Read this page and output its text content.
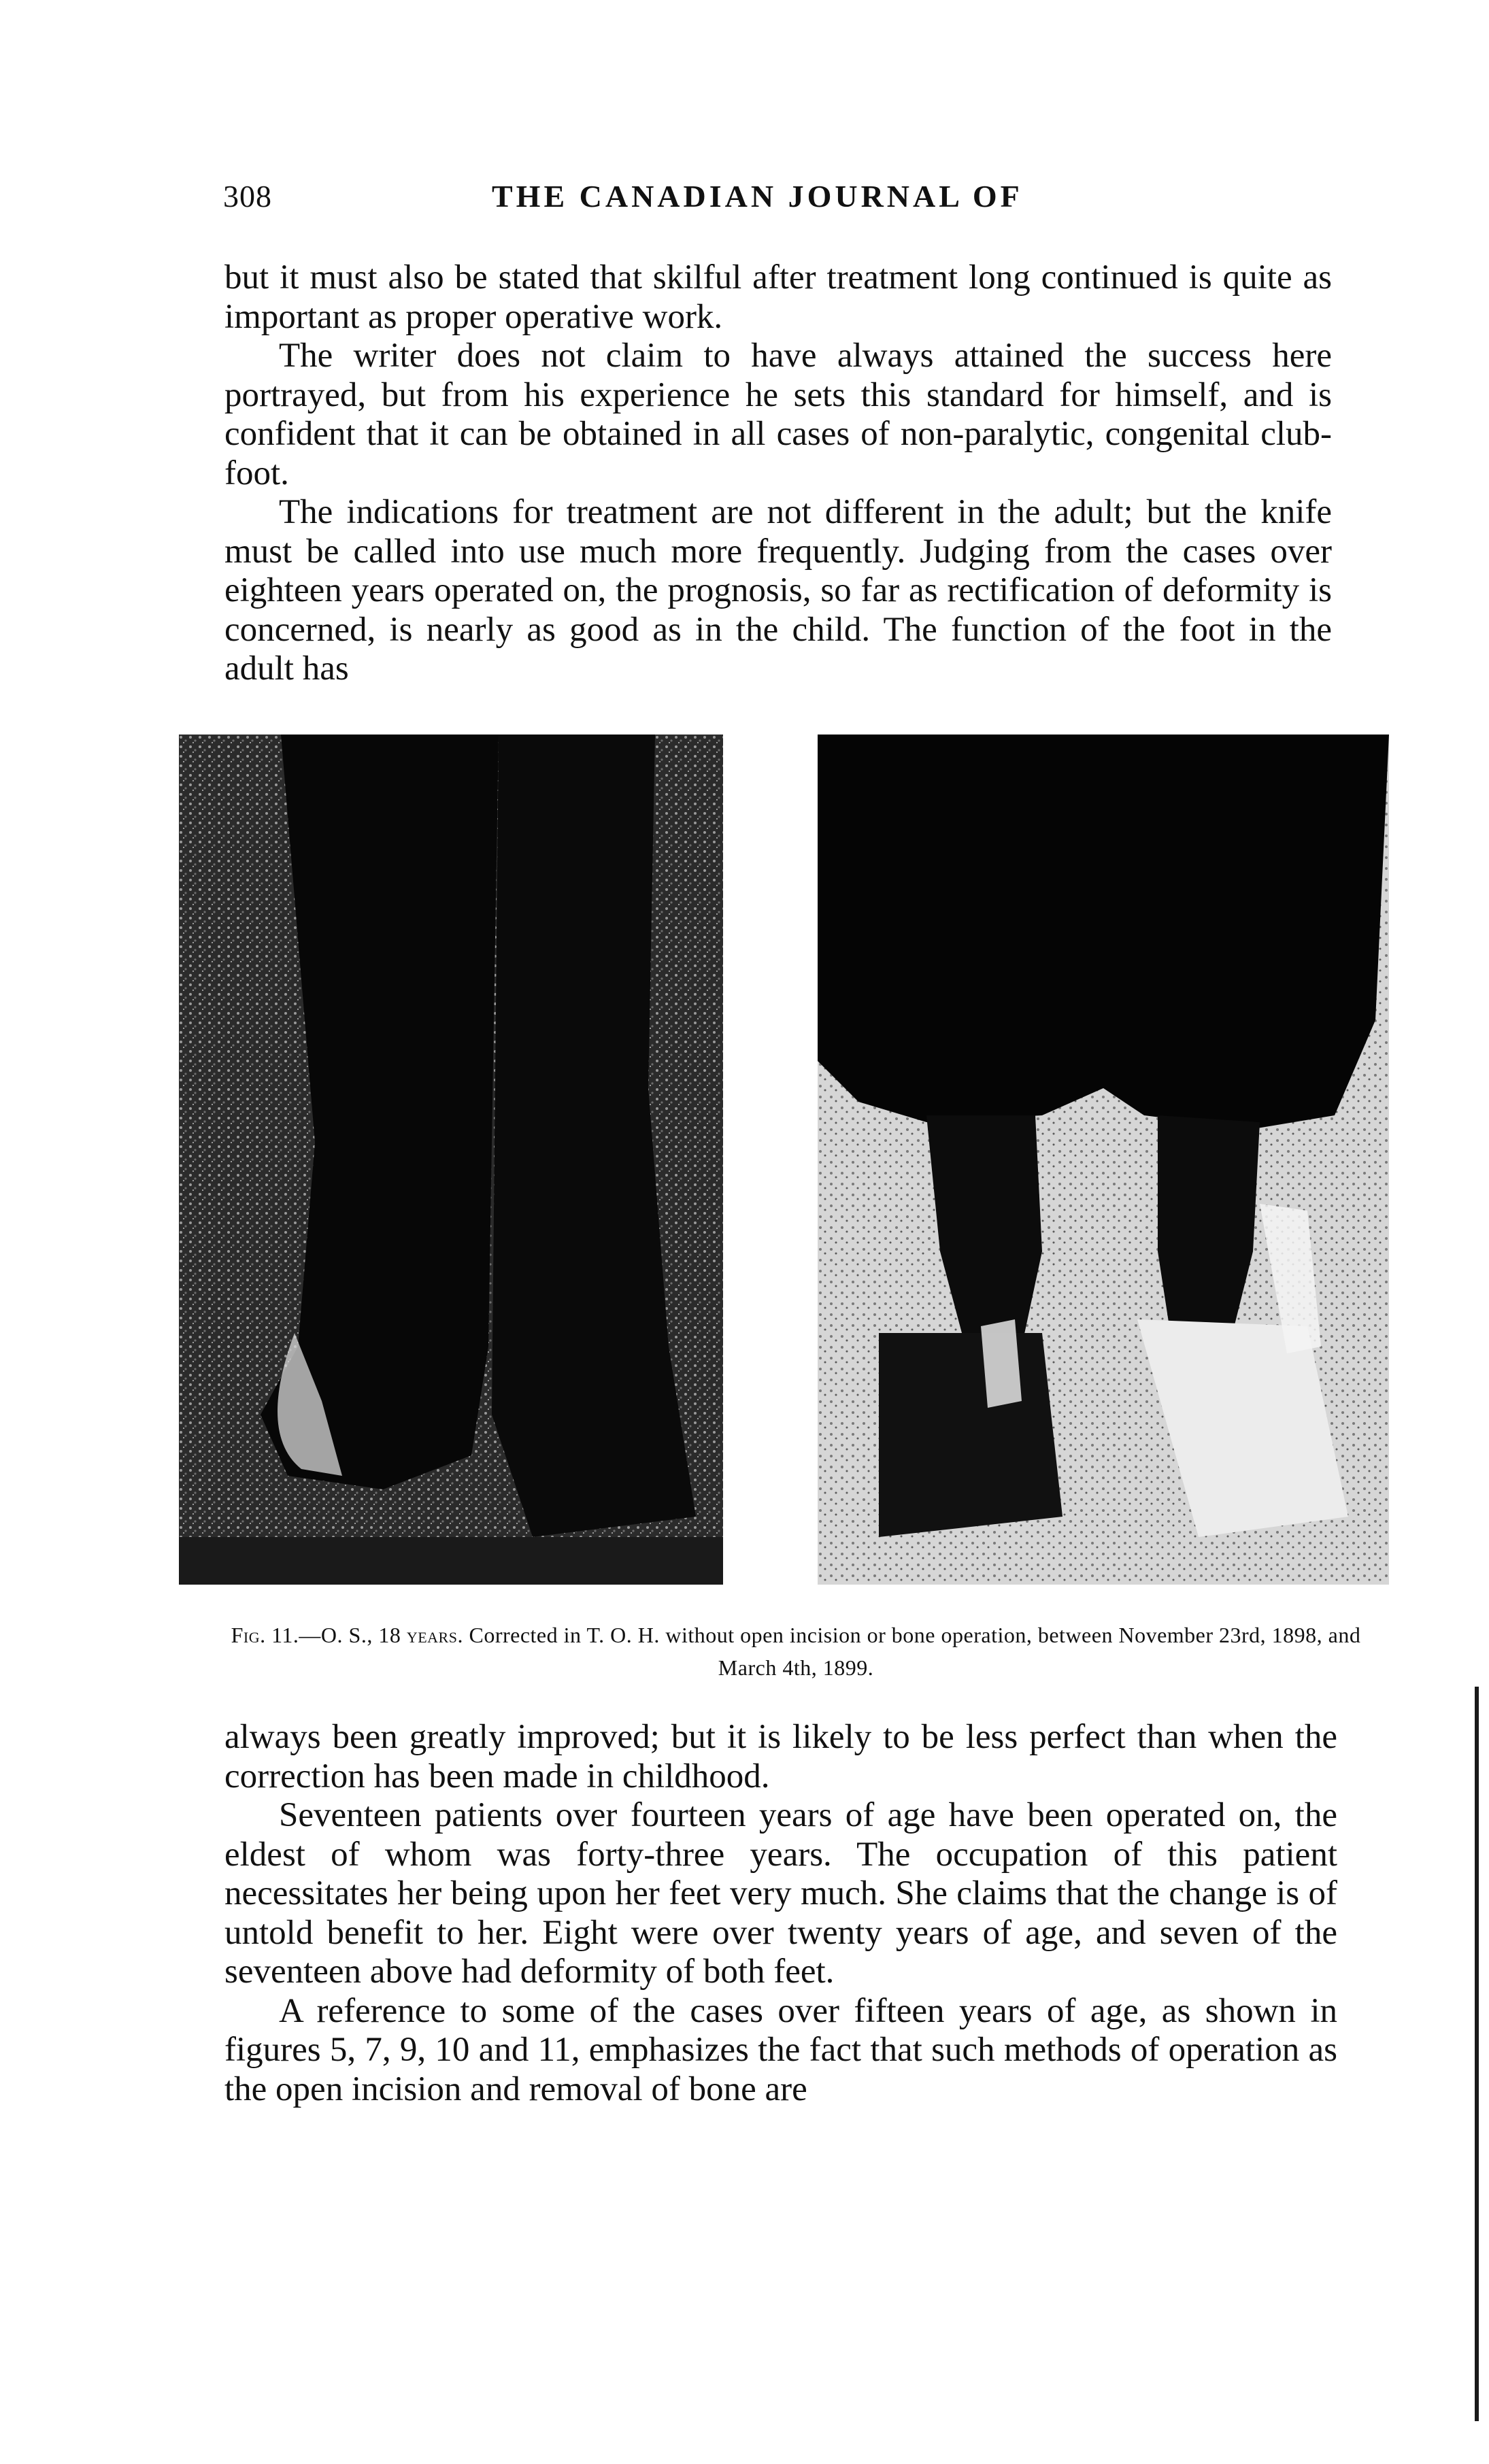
308	THE CANADIAN JOURNAL OF

but it must also be stated that skilful after treatment long continued is quite as important as proper operative work.

The writer does not claim to have always attained the success here portrayed, but from his experience he sets this standard for himself, and is confident that it can be obtained in all cases of non-paralytic, congenital club-foot.

The indications for treatment are not different in the adult; but the knife must be called into use much more frequently. Judging from the cases over eighteen years operated on, the prognosis, so far as rectification of deformity is concerned, is nearly as good as in the child. The function of the foot in the adult has

Fig. 11.—O. S., 18 years. Corrected in T. O. H. without open incision or bone operation, between November 23rd, 1898, and March 4th, 1899.

always been greatly improved; but it is likely to be less perfect than when the correction has been made in childhood.

Seventeen patients over fourteen years of age have been operated on, the eldest of whom was forty-three years. The occupation of this patient necessitates her being upon her feet very much. She claims that the change is of untold benefit to her. Eight were over twenty years of age, and seven of the seventeen above had deformity of both feet.

A reference to some of the cases over fifteen years of age, as shown in figures 5, 7, 9, 10 and 11, emphasizes the fact that such methods of operation as the open incision and removal of bone are
